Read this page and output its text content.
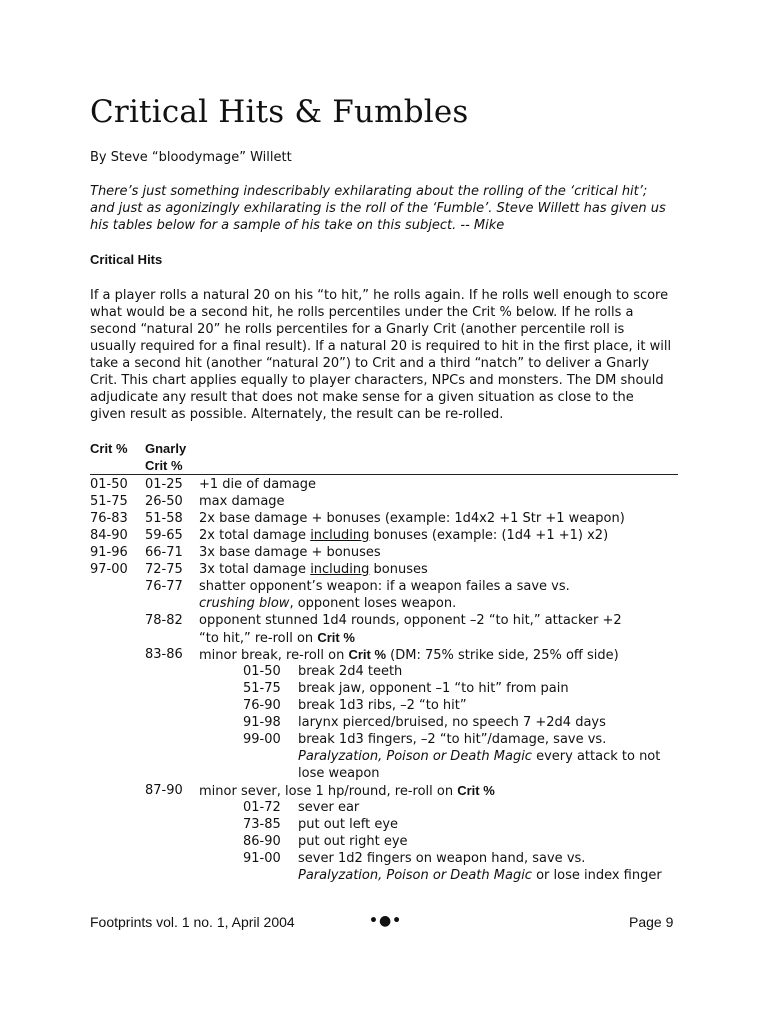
Critical Hits & Fumbles
By Steve “bloodymage” Willett
There’s just something indescribably exhilarating about the rolling of the ‘critical hit’;
and just as agonizingly exhilarating is the roll of the ‘Fumble’. Steve Willett has given us
his tables below for a sample of his take on this subject. -- Mike
Critical Hits
If a player rolls a natural 20 on his “to hit,” he rolls again. If he rolls well enough to score
what would be a second hit, he rolls percentiles under the Crit % below. If he rolls a
second “natural 20” he rolls percentiles for a Gnarly Crit (another percentile roll is
usually required for a final result). If a natural 20 is required to hit in the first place, it will
take a second hit (another “natural 20”) to Crit and a third “natch” to deliver a Gnarly
Crit. This chart applies equally to player characters, NPCs and monsters. The DM should
adjudicate any result that does not make sense for a given situation as close to the
given result as possible. Alternately, the result can be re-rolled.
Crit % Gnarly
Crit %
01-50 01-25 +1 die of damage
51-75 26-50 max damage
76-83 51-58 2x base damage + bonuses (example: 1d4x2 +1 Str +1 weapon)
84-90 59-65 2x total damage including bonuses (example: (1d4 +1 +1) x2)
91-96 66-71 3x base damage + bonuses
97-00 72-75 3x total damage including bonuses
76-77 shatter opponent’s weapon: if a weapon failes a save vs.
crushing blow, opponent loses weapon.
78-82 opponent stunned 1d4 rounds, opponent –2 “to hit,” attacker +2
“to hit,” re-roll on Crit %
83-86 minor break, re-roll on Crit % (DM: 75% strike side, 25% off side)
01-50 break 2d4 teeth
51-75 break jaw, opponent –1 “to hit” from pain
76-90 break 1d3 ribs, –2 “to hit”
91-98 larynx pierced/bruised, no speech 7 +2d4 days
99-00 break 1d3 fingers, –2 “to hit”/damage, save vs.
Paralyzation, Poison or Death Magic every attack to not
lose weapon
87-90 minor sever, lose 1 hp/round, re-roll on Crit %
01-72 sever ear
73-85 put out left eye
86-90 put out right eye
91-00 sever 1d2 fingers on weapon hand, save vs.
Paralyzation, Poison or Death Magic or lose index finger
Footprints vol. 1 no. 1, April 2004	•●•	Page 9
